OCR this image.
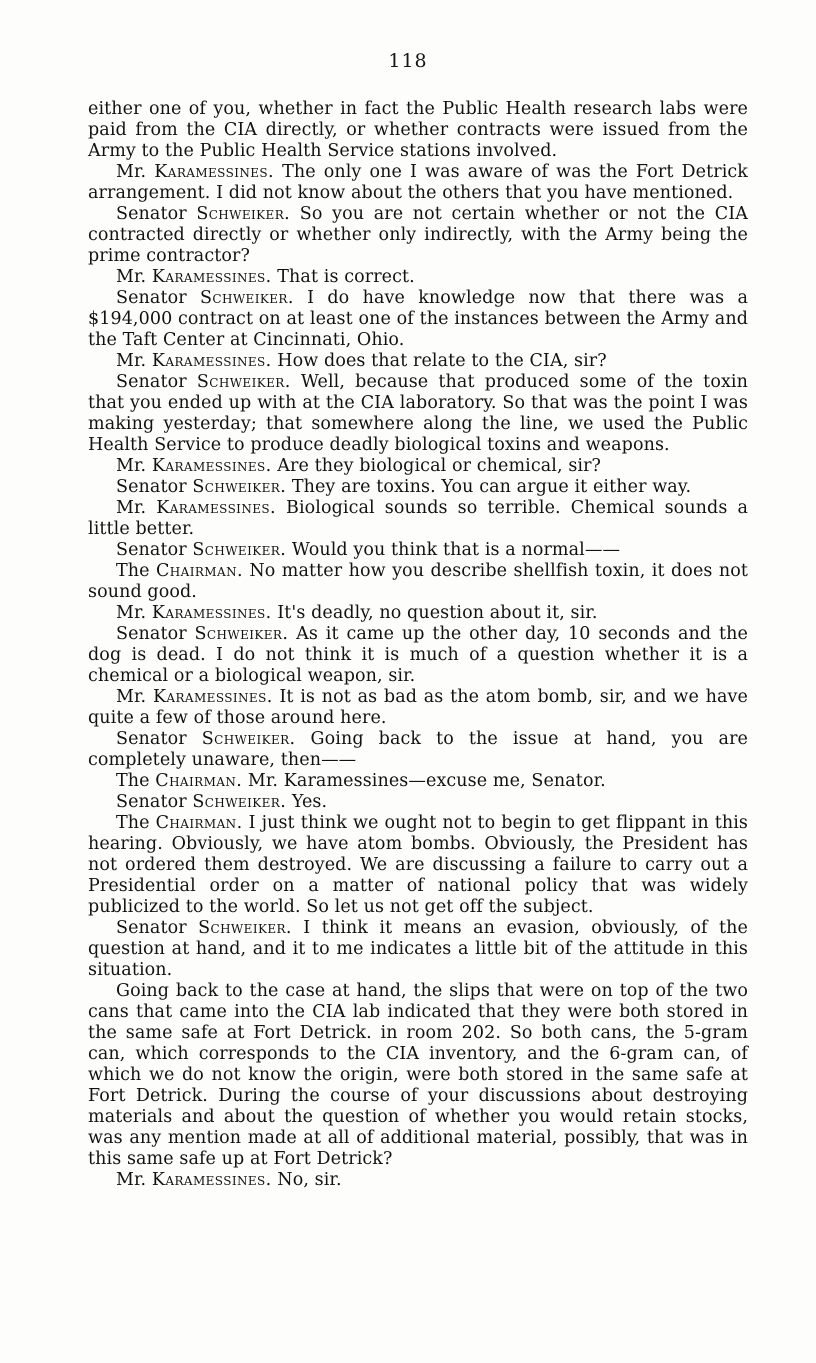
118

either one of you, whether in fact the Public Health research labs were paid from the CIA directly, or whether contracts were issued from the Army to the Public Health Service stations involved.

Mr. Karamessines. The only one I was aware of was the Fort Detrick arrangement. I did not know about the others that you have mentioned.

Senator Schweiker. So you are not certain whether or not the CIA contracted directly or whether only indirectly, with the Army being the prime contractor?

Mr. Karamessines. That is correct.

Senator Schweiker. I do have knowledge now that there was a $194,000 contract on at least one of the instances between the Army and the Taft Center at Cincinnati, Ohio.

Mr. Karamessines. How does that relate to the CIA, sir?

Senator Schweiker. Well, because that produced some of the toxin that you ended up with at the CIA laboratory. So that was the point I was making yesterday; that somewhere along the line, we used the Public Health Service to produce deadly biological toxins and weapons.

Mr. Karamessines. Are they biological or chemical, sir?

Senator Schweiker. They are toxins. You can argue it either way.

Mr. Karamessines. Biological sounds so terrible. Chemical sounds a little better.

Senator Schweiker. Would you think that is a normal——

The Chairman. No matter how you describe shellfish toxin, it does not sound good.

Mr. Karamessines. It's deadly, no question about it, sir.

Senator Schweiker. As it came up the other day, 10 seconds and the dog is dead. I do not think it is much of a question whether it is a chemical or a biological weapon, sir.

Mr. Karamessines. It is not as bad as the atom bomb, sir, and we have quite a few of those around here.

Senator Schweiker. Going back to the issue at hand, you are completely unaware, then——

The Chairman. Mr. Karamessines—excuse me, Senator.

Senator Schweiker. Yes.

The Chairman. I just think we ought not to begin to get flippant in this hearing. Obviously, we have atom bombs. Obviously, the President has not ordered them destroyed. We are discussing a failure to carry out a Presidential order on a matter of national policy that was widely publicized to the world. So let us not get off the subject.

Senator Schweiker. I think it means an evasion, obviously, of the question at hand, and it to me indicates a little bit of the attitude in this situation.

Going back to the case at hand, the slips that were on top of the two cans that came into the CIA lab indicated that they were both stored in the same safe at Fort Detrick. in room 202. So both cans, the 5-gram can, which corresponds to the CIA inventory, and the 6-gram can, of which we do not know the origin, were both stored in the same safe at Fort Detrick. During the course of your discussions about destroying materials and about the question of whether you would retain stocks, was any mention made at all of additional material, possibly, that was in this same safe up at Fort Detrick?

Mr. Karamessines. No, sir.
